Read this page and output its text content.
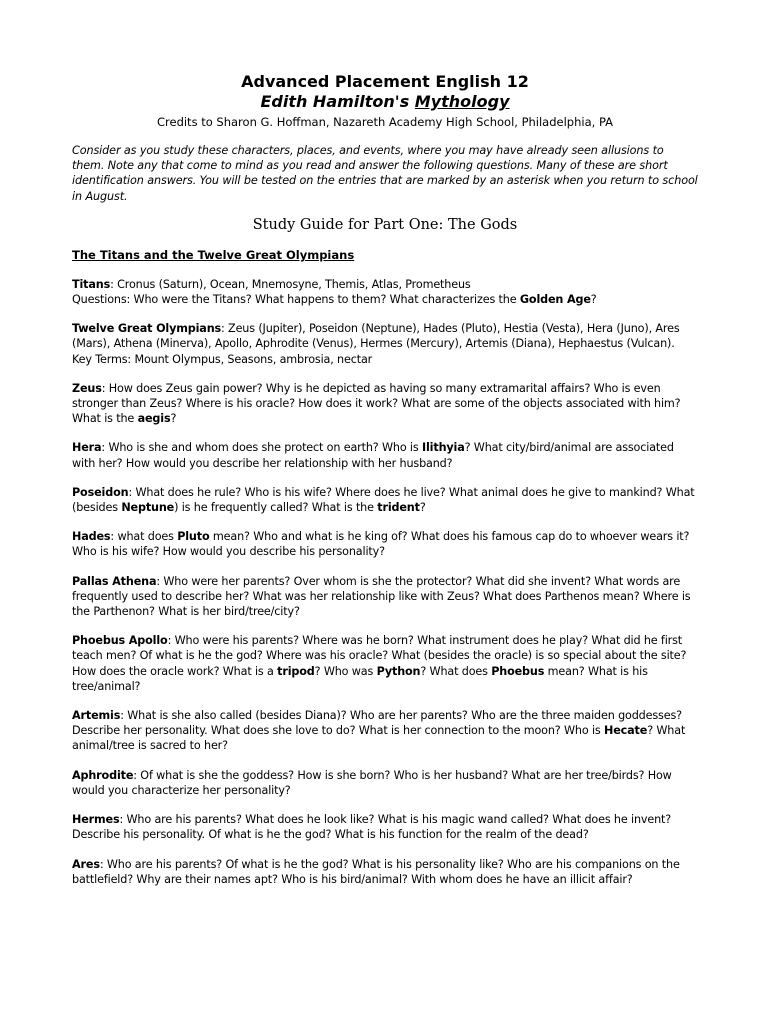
Advanced Placement English 12

Edith Hamilton's Mythology

Credits to Sharon G. Hoffman, Nazareth Academy High School, Philadelphia, PA

Consider as you study these characters, places, and events, where you may have already seen allusions to them. Note any that come to mind as you read and answer the following questions. Many of these are short identification answers. You will be tested on the entries that are marked by an asterisk when you return to school in August.

Study Guide for Part One: The Gods

The Titans and the Twelve Great Olympians

Titans: Cronus (Saturn), Ocean, Mnemosyne, Themis, Atlas, Prometheus
Questions: Who were the Titans? What happens to them? What characterizes the Golden Age?

Twelve Great Olympians: Zeus (Jupiter), Poseidon (Neptune), Hades (Pluto), Hestia (Vesta), Hera (Juno), Ares (Mars), Athena (Minerva), Apollo, Aphrodite (Venus), Hermes (Mercury), Artemis (Diana), Hephaestus (Vulcan).
Key Terms: Mount Olympus, Seasons, ambrosia, nectar

Zeus: How does Zeus gain power? Why is he depicted as having so many extramarital affairs? Who is even stronger than Zeus? Where is his oracle? How does it work? What are some of the objects associated with him? What is the aegis?

Hera: Who is she and whom does she protect on earth? Who is Ilithyia? What city/bird/animal are associated with her? How would you describe her relationship with her husband?

Poseidon: What does he rule? Who is his wife? Where does he live? What animal does he give to mankind? What (besides Neptune) is he frequently called? What is the trident?

Hades: what does Pluto mean? Who and what is he king of? What does his famous cap do to whoever wears it? Who is his wife? How would you describe his personality?

Pallas Athena: Who were her parents? Over whom is she the protector? What did she invent? What words are frequently used to describe her? What was her relationship like with Zeus? What does Parthenos mean? Where is the Parthenon? What is her bird/tree/city?

Phoebus Apollo: Who were his parents? Where was he born? What instrument does he play? What did he first teach men? Of what is he the god? Where was his oracle? What (besides the oracle) is so special about the site? How does the oracle work? What is a tripod? Who was Python? What does Phoebus mean? What is his tree/animal?

Artemis: What is she also called (besides Diana)? Who are her parents? Who are the three maiden goddesses? Describe her personality. What does she love to do? What is her connection to the moon? Who is Hecate? What animal/tree is sacred to her?

Aphrodite: Of what is she the goddess? How is she born? Who is her husband? What are her tree/birds? How would you characterize her personality?

Hermes: Who are his parents? What does he look like? What is his magic wand called? What does he invent? Describe his personality. Of what is he the god? What is his function for the realm of the dead?

Ares: Who are his parents? Of what is he the god? What is his personality like? Who are his companions on the battlefield? Why are their names apt? Who is his bird/animal? With whom does he have an illicit affair?
